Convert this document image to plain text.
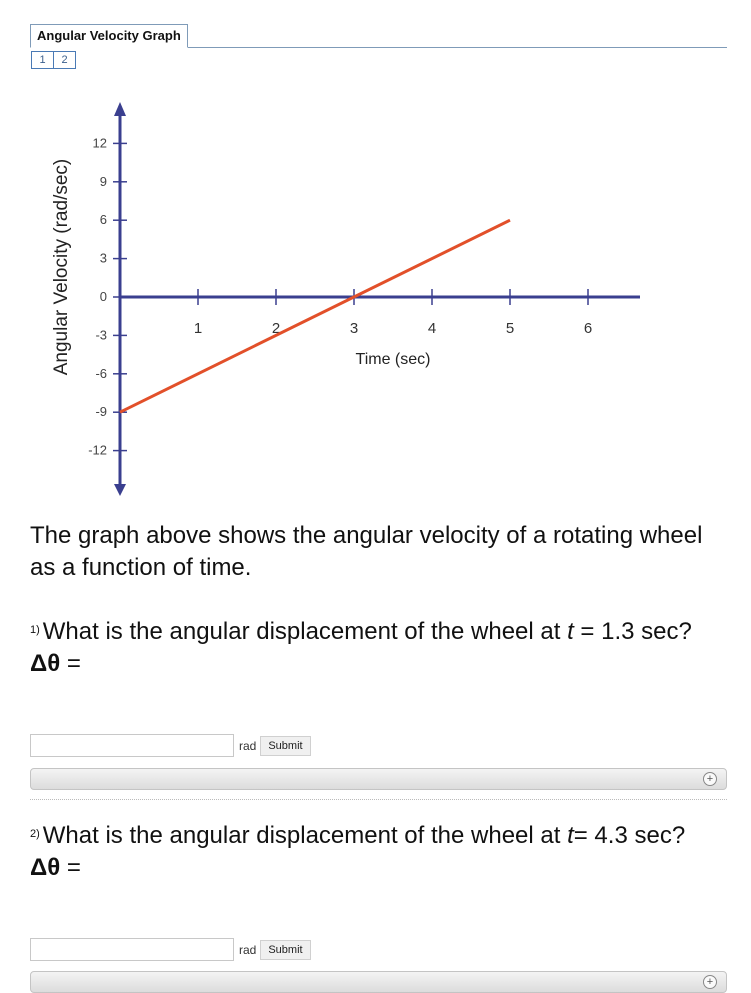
Angular Velocity Graph
1	2
12
9
6
3
0
-3
-6
-9
-12
1	2	3	4	5	6
Time (sec)
Angular Velocity (rad/sec)
The graph above shows the angular velocity of a rotating wheel as a function of time.
$^{1)}$ What is the angular displacement of the wheel at t = 1.3 sec?
Δθ =
rad	Submit
+
$^{2)}$ What is the angular displacement of the wheel at t= 4.3 sec?
Δθ =
rad	Submit
+
